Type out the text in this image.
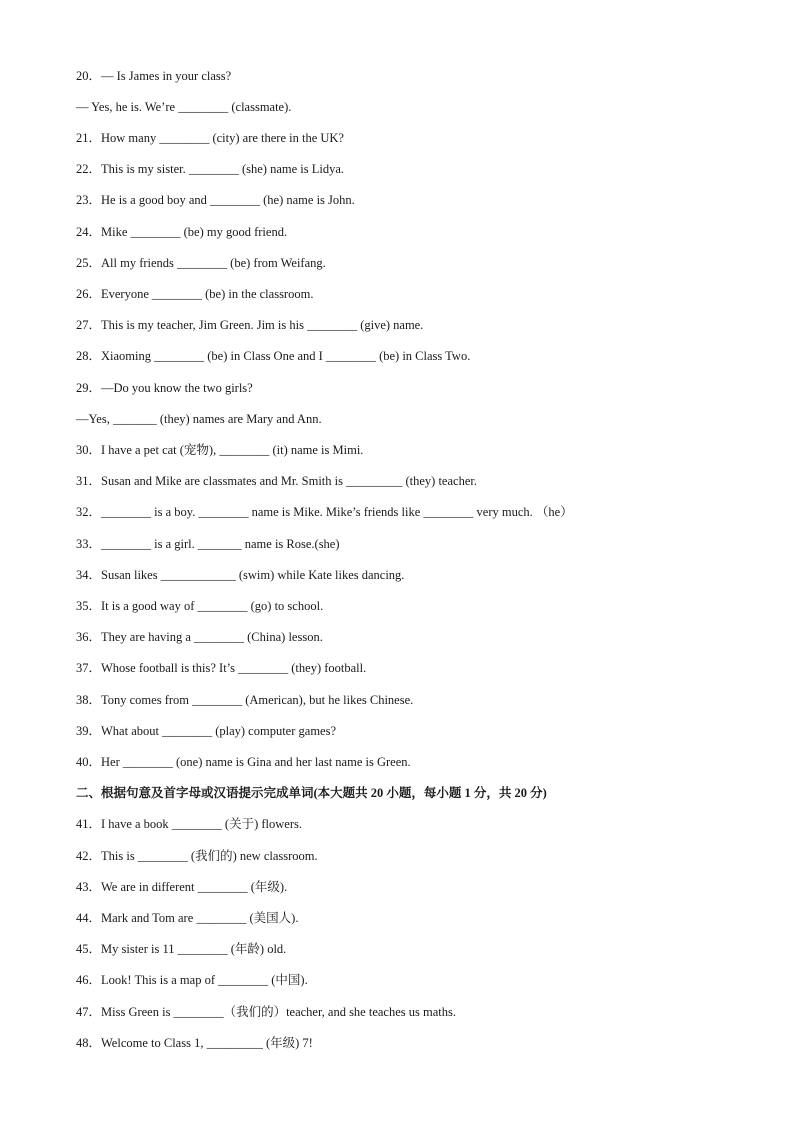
20．— Is James in your class?
— Yes, he is. We’re ________ (classmate).
21．How many ________ (city) are there in the UK?
22．This is my sister. ________ (she) name is Lidya.
23．He is a good boy and ________ (he) name is John.
24．Mike ________ (be) my good friend.
25．All my friends ________ (be) from Weifang.
26．Everyone ________ (be) in the classroom.
27．This is my teacher, Jim Green. Jim is his ________ (give) name.
28．Xiaoming ________ (be) in Class One and I ________ (be) in Class Two.
29．—Do you know the two girls?
—Yes, _______ (they) names are Mary and Ann.
30．I have a pet cat (宠物), ________ (it) name is Mimi.
31．Susan and Mike are classmates and Mr. Smith is _________ (they) teacher.
32．________ is a boy. ________ name is Mike. Mike’s friends like ________ very much. （he）
33．________ is a girl. _______ name is Rose.(she)
34．Susan likes ____________ (swim) while Kate likes dancing.
35．It is a good way of ________ (go) to school.
36．They are having a ________ (China) lesson.
37．Whose football is this? It’s ________ (they) football.
38．Tony comes from ________ (American), but he likes Chinese.
39．What about ________ (play) computer games?
40．Her ________ (one) name is Gina and her last name is Green.
二、根据句意及首字母或汉语提示完成单词(本大题共 20 小题，每小题 1 分，共 20 分)
41．I have a book ________ (关于) flowers.
42．This is ________ (我们的) new classroom.
43．We are in different ________ (年级).
44．Mark and Tom are ________ (美国人).
45．My sister is 11 ________ (年龄) old.
46．Look! This is a map of ________ (中国).
47．Miss Green is ________（我们的）teacher, and she teaches us maths.
48．Welcome to Class 1, _________ (年级) 7!
